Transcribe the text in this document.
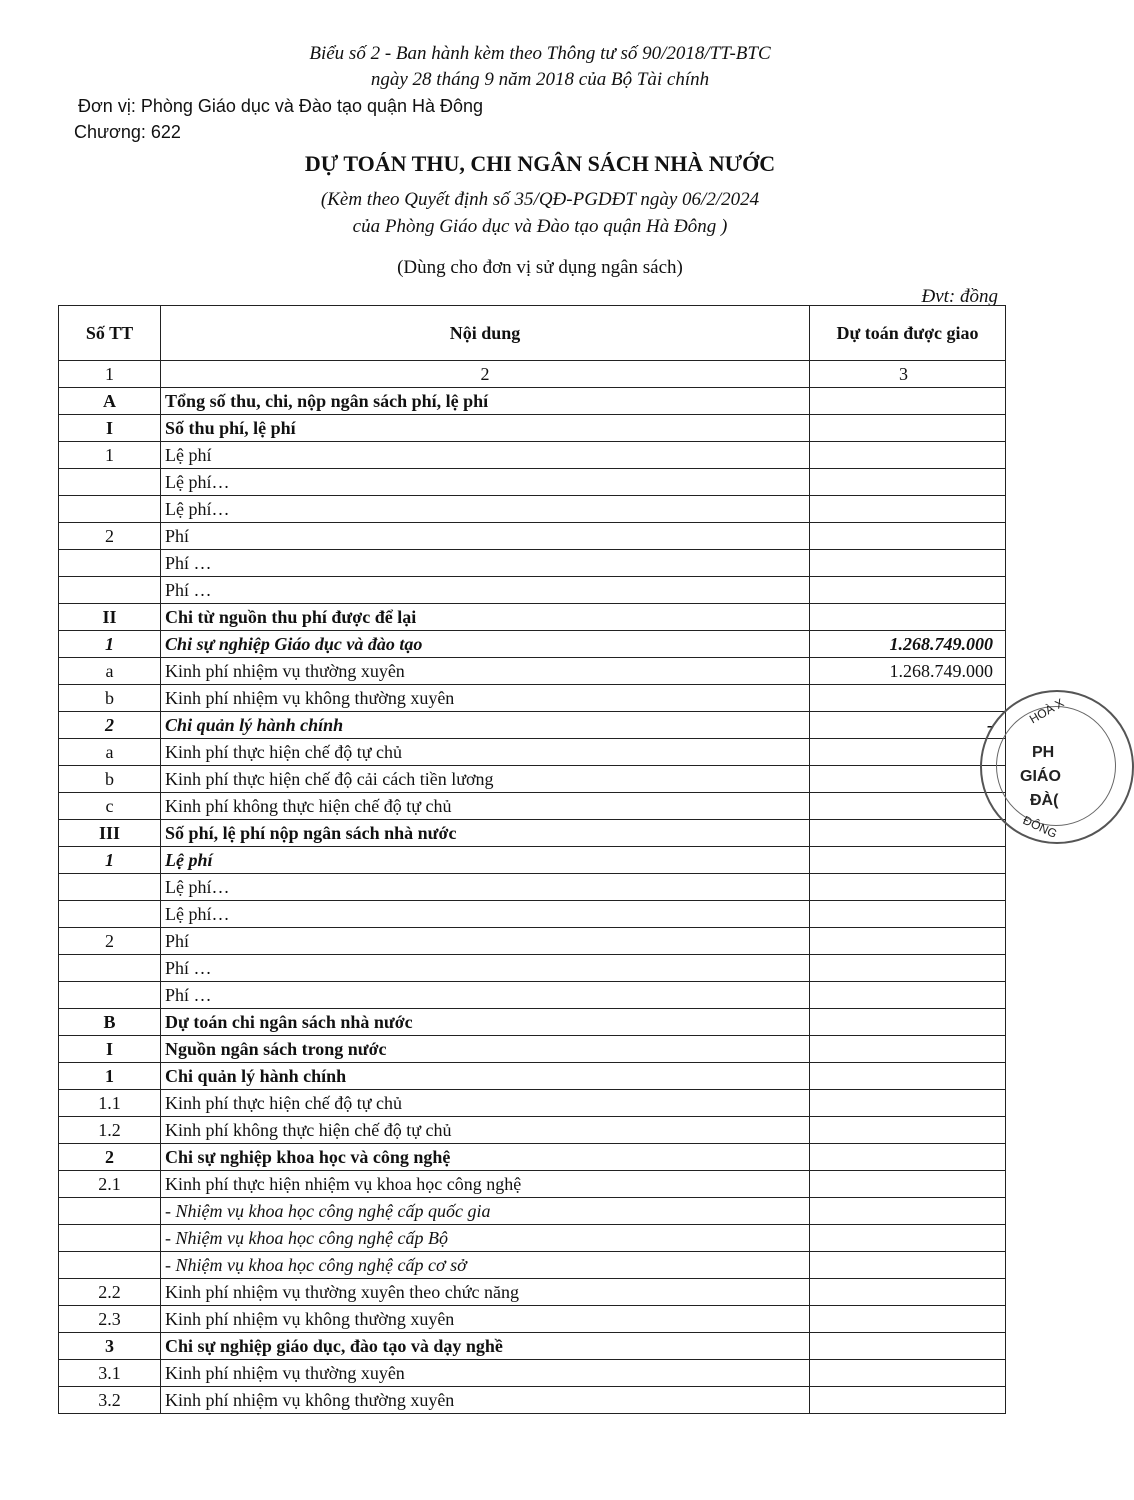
Biểu số 2 - Ban hành kèm theo Thông tư số 90/2018/TT-BTC
ngày 28 tháng 9 năm 2018 của Bộ Tài chính
Đơn vị: Phòng Giáo dục và Đào tạo quận Hà Đông
Chương: 622
DỰ TOÁN THU, CHI NGÂN SÁCH NHÀ NƯỚC
(Kèm theo Quyết định số 35/QĐ-PGDĐT ngày 06/2/2024
của Phòng Giáo dục và Đào tạo quận Hà Đông )
(Dùng cho đơn vị sử dụng ngân sách)
Đvt: đồng
Số TT	Nội dung	Dự toán được giao
1	2	3
A	Tổng số thu, chi, nộp ngân sách phí, lệ phí	
I	Số thu phí, lệ phí	
1	Lệ phí	
	Lệ phí…	
	Lệ phí…	
2	Phí	
	Phí …	
	Phí …	
II	Chi từ nguồn thu phí được để lại	
1	Chi sự nghiệp Giáo dục và đào tạo	1.268.749.000
a	Kinh phí nhiệm vụ thường xuyên	1.268.749.000
b	Kinh phí nhiệm vụ không thường xuyên	
2	Chi quản lý hành chính	-
a	Kinh phí thực hiện chế độ tự chủ	
b	Kinh phí thực hiện chế độ cải cách tiền lương	
c	Kinh phí không thực hiện chế độ tự chủ	
III	Số phí, lệ phí nộp ngân sách nhà nước	
1	Lệ phí	
	Lệ phí…	
	Lệ phí…	
2	Phí	
	Phí …	
	Phí …	
B	Dự toán chi ngân sách nhà nước	
I	Nguồn ngân sách trong nước	
1	Chi quản lý hành chính	
1.1	Kinh phí thực hiện chế độ tự chủ	
1.2	Kinh phí không thực hiện chế độ tự chủ	
2	Chi sự nghiệp khoa học và công nghệ	
2.1	Kinh phí thực hiện nhiệm vụ khoa học công nghệ	
	- Nhiệm vụ khoa học công nghệ cấp quốc gia	
	- Nhiệm vụ khoa học công nghệ cấp Bộ	
	- Nhiệm vụ khoa học công nghệ cấp cơ sở	
2.2	Kinh phí nhiệm vụ thường xuyên theo chức năng	
2.3	Kinh phí nhiệm vụ không thường xuyên	
3	Chi sự nghiệp giáo dục, đào tạo và dạy nghề	
3.1	Kinh phí nhiệm vụ thường xuyên	
3.2	Kinh phí nhiệm vụ không thường xuyên	
HOÀ X
PH
GIÁO
ĐÀ(
ĐÔNG
